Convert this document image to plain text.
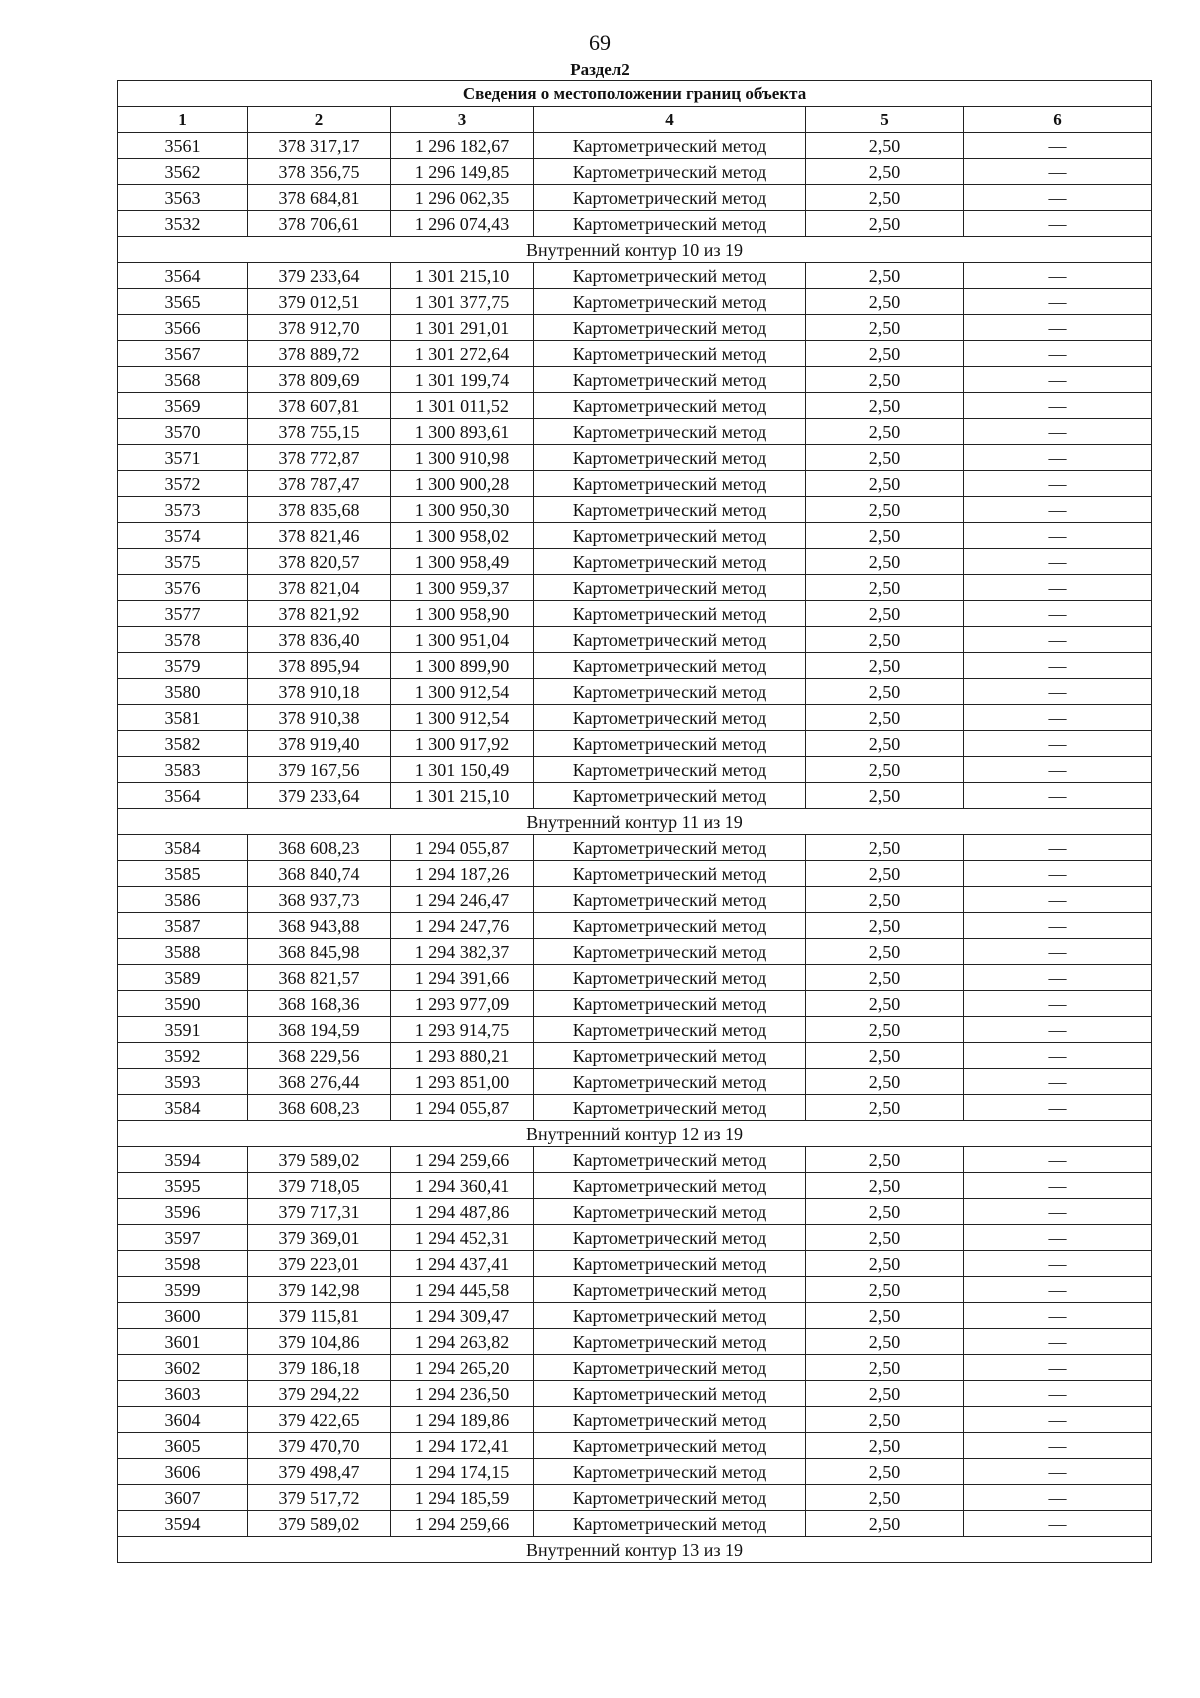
69
Раздел2
Сведения о местоположении границ объекта					
1	2	3	4	5	6
3561	378 317,17	1 296 182,67	Картометрический метод	2,50	—
3562	378 356,75	1 296 149,85	Картометрический метод	2,50	—
3563	378 684,81	1 296 062,35	Картометрический метод	2,50	—
3532	378 706,61	1 296 074,43	Картометрический метод	2,50	—
Внутренний контур 10 из 19					
3564	379 233,64	1 301 215,10	Картометрический метод	2,50	—
3565	379 012,51	1 301 377,75	Картометрический метод	2,50	—
3566	378 912,70	1 301 291,01	Картометрический метод	2,50	—
3567	378 889,72	1 301 272,64	Картометрический метод	2,50	—
3568	378 809,69	1 301 199,74	Картометрический метод	2,50	—
3569	378 607,81	1 301 011,52	Картометрический метод	2,50	—
3570	378 755,15	1 300 893,61	Картометрический метод	2,50	—
3571	378 772,87	1 300 910,98	Картометрический метод	2,50	—
3572	378 787,47	1 300 900,28	Картометрический метод	2,50	—
3573	378 835,68	1 300 950,30	Картометрический метод	2,50	—
3574	378 821,46	1 300 958,02	Картометрический метод	2,50	—
3575	378 820,57	1 300 958,49	Картометрический метод	2,50	—
3576	378 821,04	1 300 959,37	Картометрический метод	2,50	—
3577	378 821,92	1 300 958,90	Картометрический метод	2,50	—
3578	378 836,40	1 300 951,04	Картометрический метод	2,50	—
3579	378 895,94	1 300 899,90	Картометрический метод	2,50	—
3580	378 910,18	1 300 912,54	Картометрический метод	2,50	—
3581	378 910,38	1 300 912,54	Картометрический метод	2,50	—
3582	378 919,40	1 300 917,92	Картометрический метод	2,50	—
3583	379 167,56	1 301 150,49	Картометрический метод	2,50	—
3564	379 233,64	1 301 215,10	Картометрический метод	2,50	—
Внутренний контур 11 из 19					
3584	368 608,23	1 294 055,87	Картометрический метод	2,50	—
3585	368 840,74	1 294 187,26	Картометрический метод	2,50	—
3586	368 937,73	1 294 246,47	Картометрический метод	2,50	—
3587	368 943,88	1 294 247,76	Картометрический метод	2,50	—
3588	368 845,98	1 294 382,37	Картометрический метод	2,50	—
3589	368 821,57	1 294 391,66	Картометрический метод	2,50	—
3590	368 168,36	1 293 977,09	Картометрический метод	2,50	—
3591	368 194,59	1 293 914,75	Картометрический метод	2,50	—
3592	368 229,56	1 293 880,21	Картометрический метод	2,50	—
3593	368 276,44	1 293 851,00	Картометрический метод	2,50	—
3584	368 608,23	1 294 055,87	Картометрический метод	2,50	—
Внутренний контур 12 из 19					
3594	379 589,02	1 294 259,66	Картометрический метод	2,50	—
3595	379 718,05	1 294 360,41	Картометрический метод	2,50	—
3596	379 717,31	1 294 487,86	Картометрический метод	2,50	—
3597	379 369,01	1 294 452,31	Картометрический метод	2,50	—
3598	379 223,01	1 294 437,41	Картометрический метод	2,50	—
3599	379 142,98	1 294 445,58	Картометрический метод	2,50	—
3600	379 115,81	1 294 309,47	Картометрический метод	2,50	—
3601	379 104,86	1 294 263,82	Картометрический метод	2,50	—
3602	379 186,18	1 294 265,20	Картометрический метод	2,50	—
3603	379 294,22	1 294 236,50	Картометрический метод	2,50	—
3604	379 422,65	1 294 189,86	Картометрический метод	2,50	—
3605	379 470,70	1 294 172,41	Картометрический метод	2,50	—
3606	379 498,47	1 294 174,15	Картометрический метод	2,50	—
3607	379 517,72	1 294 185,59	Картометрический метод	2,50	—
3594	379 589,02	1 294 259,66	Картометрический метод	2,50	—
Внутренний контур 13 из 19					
